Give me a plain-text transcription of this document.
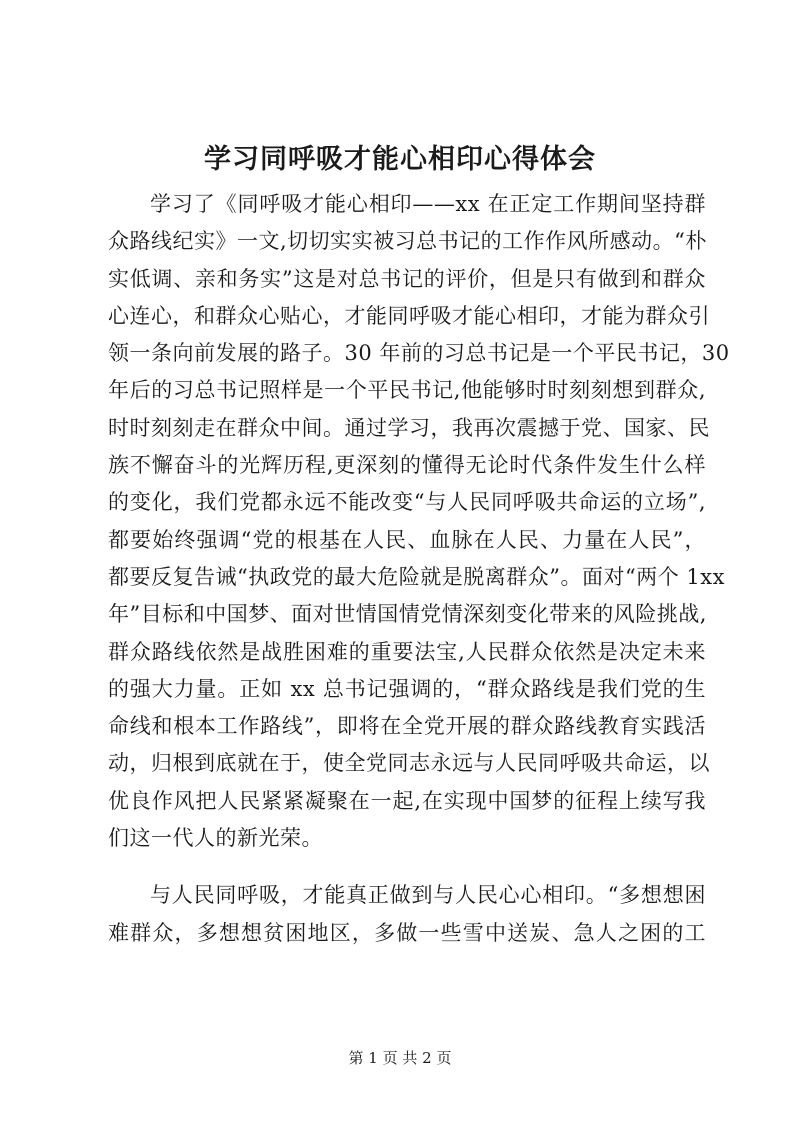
学习同呼吸才能心相印心得体会
学习了《同呼吸才能心相印——xx 在正定工作期间坚持群
众路线纪实》一文,切切实实被习总书记的工作作风所感动。“朴
实低调、亲和务实”这是对总书记的评价，但是只有做到和群众
心连心，和群众心贴心，才能同呼吸才能心相印，才能为群众引
领一条向前发展的路子。30 年前的习总书记是一个平民书记，30
年后的习总书记照样是一个平民书记,他能够时时刻刻想到群众,
时时刻刻走在群众中间。通过学习，我再次震撼于党、国家、民
族不懈奋斗的光辉历程,更深刻的懂得无论时代条件发生什么样
的变化，我们党都永远不能改变“与人民同呼吸共命运的立场”,
都要始终强调“党的根基在人民、血脉在人民、力量在人民”，
都要反复告诫“执政党的最大危险就是脱离群众”。面对“两个 1xx
年”目标和中国梦、面对世情国情党情深刻变化带来的风险挑战,
群众路线依然是战胜困难的重要法宝,人民群众依然是决定未来
的强大力量。正如 xx 总书记强调的，“群众路线是我们党的生
命线和根本工作路线”，即将在全党开展的群众路线教育实践活
动，归根到底就在于，使全党同志永远与人民同呼吸共命运，以
优良作风把人民紧紧凝聚在一起,在实现中国梦的征程上续写我
们这一代人的新光荣。
与人民同呼吸，才能真正做到与人民心心相印。“多想想困
难群众，多想想贫困地区，多做一些雪中送炭、急人之困的工
第 1 页 共 2 页
